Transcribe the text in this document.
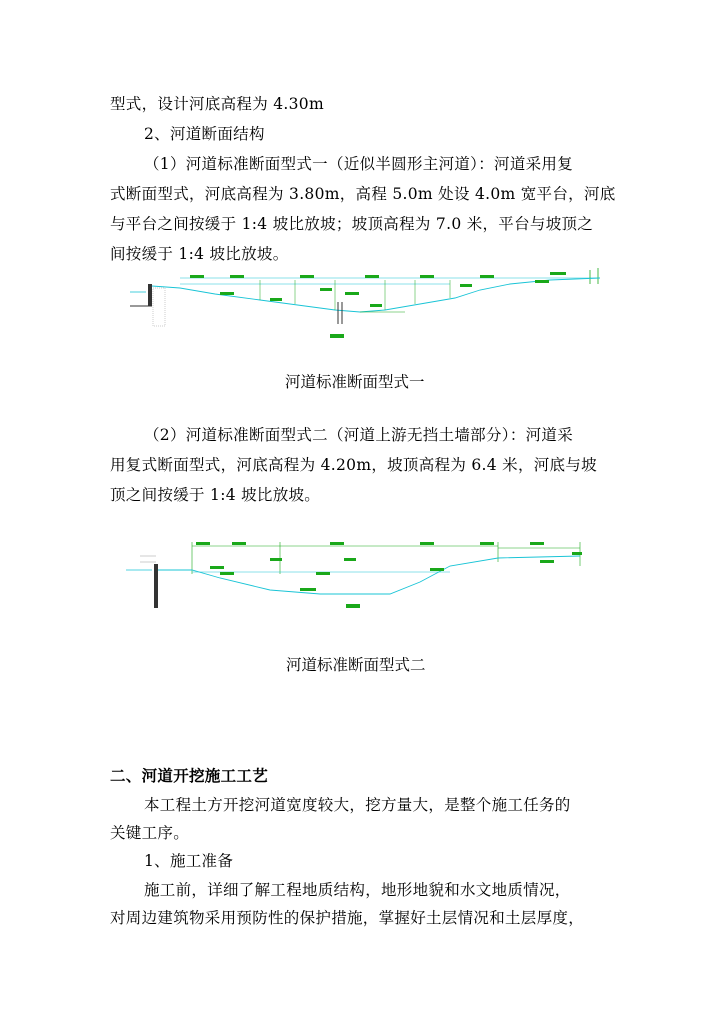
型式，设计河底高程为 4.30m
2、河道断面结构
（1）河道标准断面型式一（近似半圆形主河道）：河道采用复
式断面型式，河底高程为 3.80m，高程 5.0m 处设 4.0m 宽平台，河底
与平台之间按缓于 1:4 坡比放坡；坡顶高程为 7.0 米，平台与坡顶之
间按缓于 1:4 坡比放坡。
河道标准断面型式一
（2）河道标准断面型式二（河道上游无挡土墙部分）：河道采
用复式断面型式，河底高程为 4.20m，坡顶高程为 6.4 米，河底与坡
顶之间按缓于 1:4 坡比放坡。
河道标准断面型式二
二、河道开挖施工工艺
本工程土方开挖河道宽度较大，挖方量大，是整个施工任务的
关键工序。
1、施工准备
施工前，详细了解工程地质结构，地形地貌和水文地质情况，
对周边建筑物采用预防性的保护措施，掌握好土层情况和土层厚度，
